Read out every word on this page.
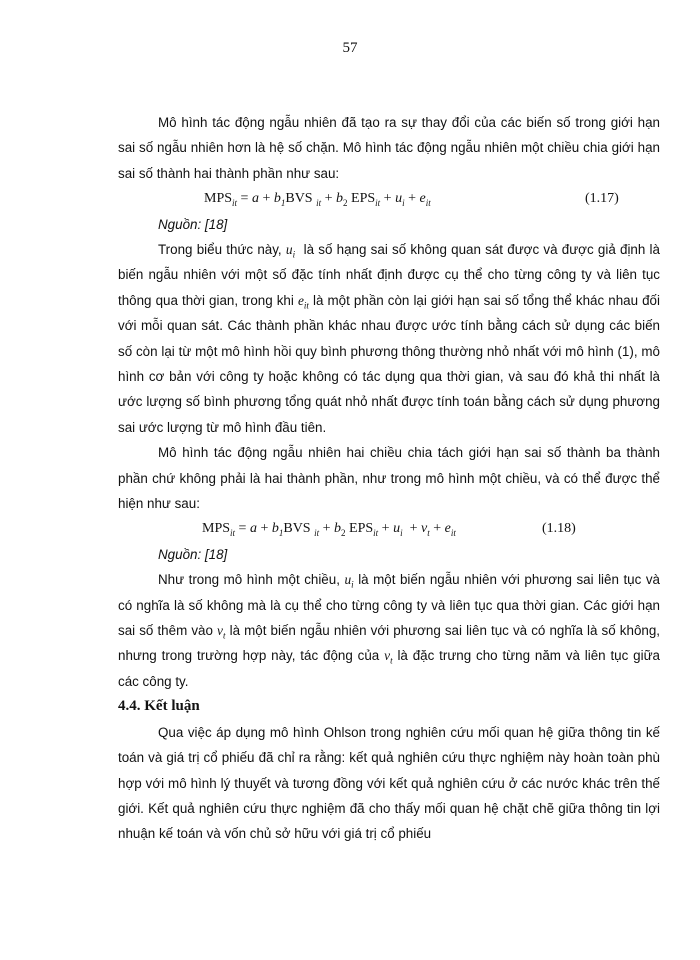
57

Mô hình tác động ngẫu nhiên đã tạo ra sự thay đổi của các biến số trong giới hạn sai số ngẫu nhiên hơn là hệ số chặn. Mô hình tác động ngẫu nhiên một chiều chia giới hạn sai số thành hai thành phần như sau:

$MPS_{it} = a + b_1BVS$ $_{it} + b_2$ $EPS_{it} + u_i + e_{it}$	(1.17)
Nguồn: [18]

Trong biểu thức này, $u_i$ là số hạng sai số không quan sát được và được giả định là biến ngẫu nhiên với một số đặc tính nhất định được cụ thể cho từng công ty và liên tục thông qua thời gian, trong khi $e_{it}$ là một phần còn lại giới hạn sai số tổng thể khác nhau đối với mỗi quan sát. Các thành phần khác nhau được ước tính bằng cách sử dụng các biến số còn lại từ một mô hình hồi quy bình phương thông thường nhỏ nhất với mô hình (1), mô hình cơ bản với công ty hoặc không có tác dụng qua thời gian, và sau đó khả thi nhất là ước lượng số bình phương tổng quát nhỏ nhất được tính toán bằng cách sử dụng phương sai ước lượng từ mô hình đầu tiên.

Mô hình tác động ngẫu nhiên hai chiều chia tách giới hạn sai số thành ba thành phần chứ không phải là hai thành phần, như trong mô hình một chiều, và có thể được thể hiện như sau:

$MPS_{it} = a + b_1BVS$ $_{it} + b_2$ $EPS_{it} + u_i + v_t + e_{it}$	(1.18)
Nguồn: [18]

Như trong mô hình một chiều, $u_i$ là một biến ngẫu nhiên với phương sai liên tục và có nghĩa là số không mà là cụ thể cho từng công ty và liên tục qua thời gian. Các giới hạn sai số thêm vào $v_t$ là một biến ngẫu nhiên với phương sai liên tục và có nghĩa là số không, nhưng trong trường hợp này, tác động của $v_t$ là đặc trưng cho từng năm và liên tục giữa các công ty.

4.4. Kết luận

Qua việc áp dụng mô hình Ohlson trong nghiên cứu mối quan hệ giữa thông tin kế toán và giá trị cổ phiếu đã chỉ ra rằng: kết quả nghiên cứu thực nghiệm này hoàn toàn phù hợp với mô hình lý thuyết và tương đồng với kết quả nghiên cứu ở các nước khác trên thế giới. Kết quả nghiên cứu thực nghiệm đã cho thấy mối quan hệ chặt chẽ giữa thông tin lợi nhuận kế toán và vốn chủ sở hữu với giá trị cổ phiếu
